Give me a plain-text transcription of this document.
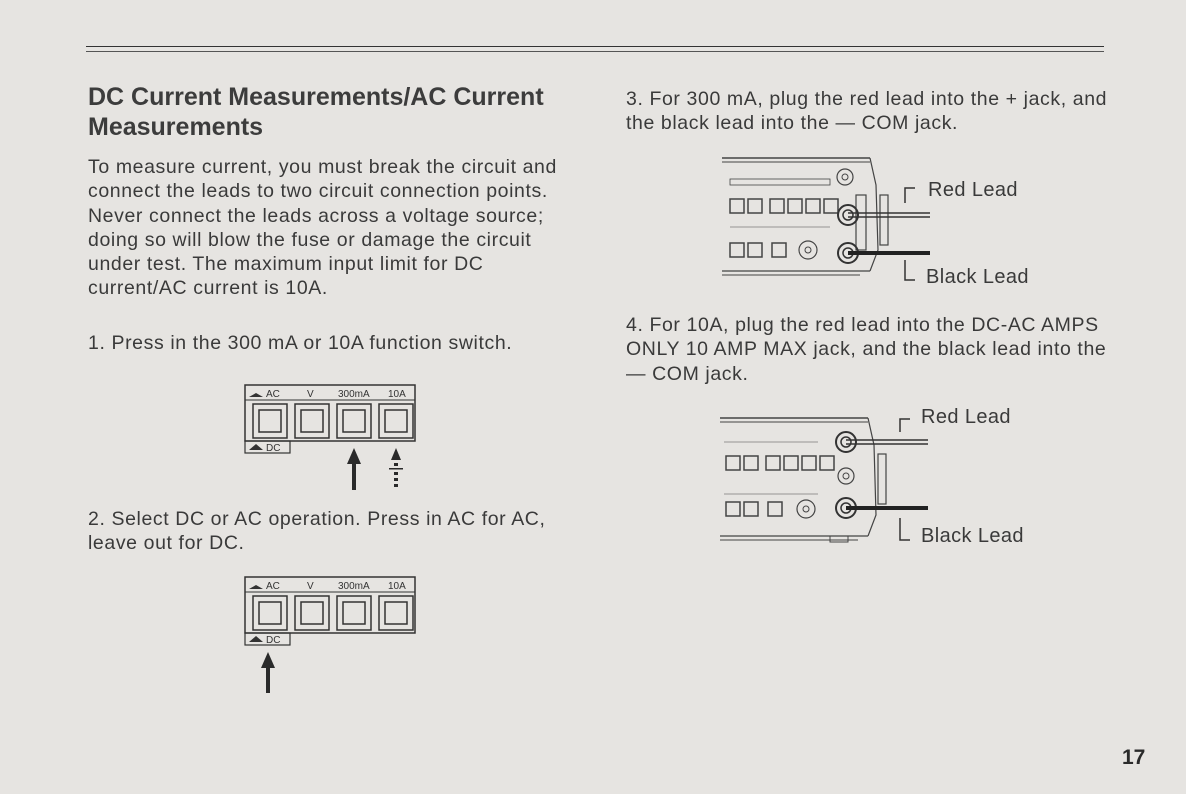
DC Current Measurements/AC Current Measurements

To measure current, you must break the circuit and connect the leads to two circuit connection points. Never connect the leads across a voltage source; doing so will blow the fuse or damage the circuit under test. The maximum input limit for DC current/AC current is 10A.

1. Press in the 300 mA or 10A function switch.

AC	V 300mA 10A
DC

2. Select DC or AC operation. Press in AC for AC, leave out for DC.

AC	V 300mA 10A
DC

3. For 300 mA, plug the red lead into the + jack, and the black lead into the — COM jack.

Red Lead
Black Lead

4. For 10A, plug the red lead into the DC-AC AMPS ONLY 10 AMP MAX jack, and the black lead into the — COM jack.

Red Lead
Black Lead
17
